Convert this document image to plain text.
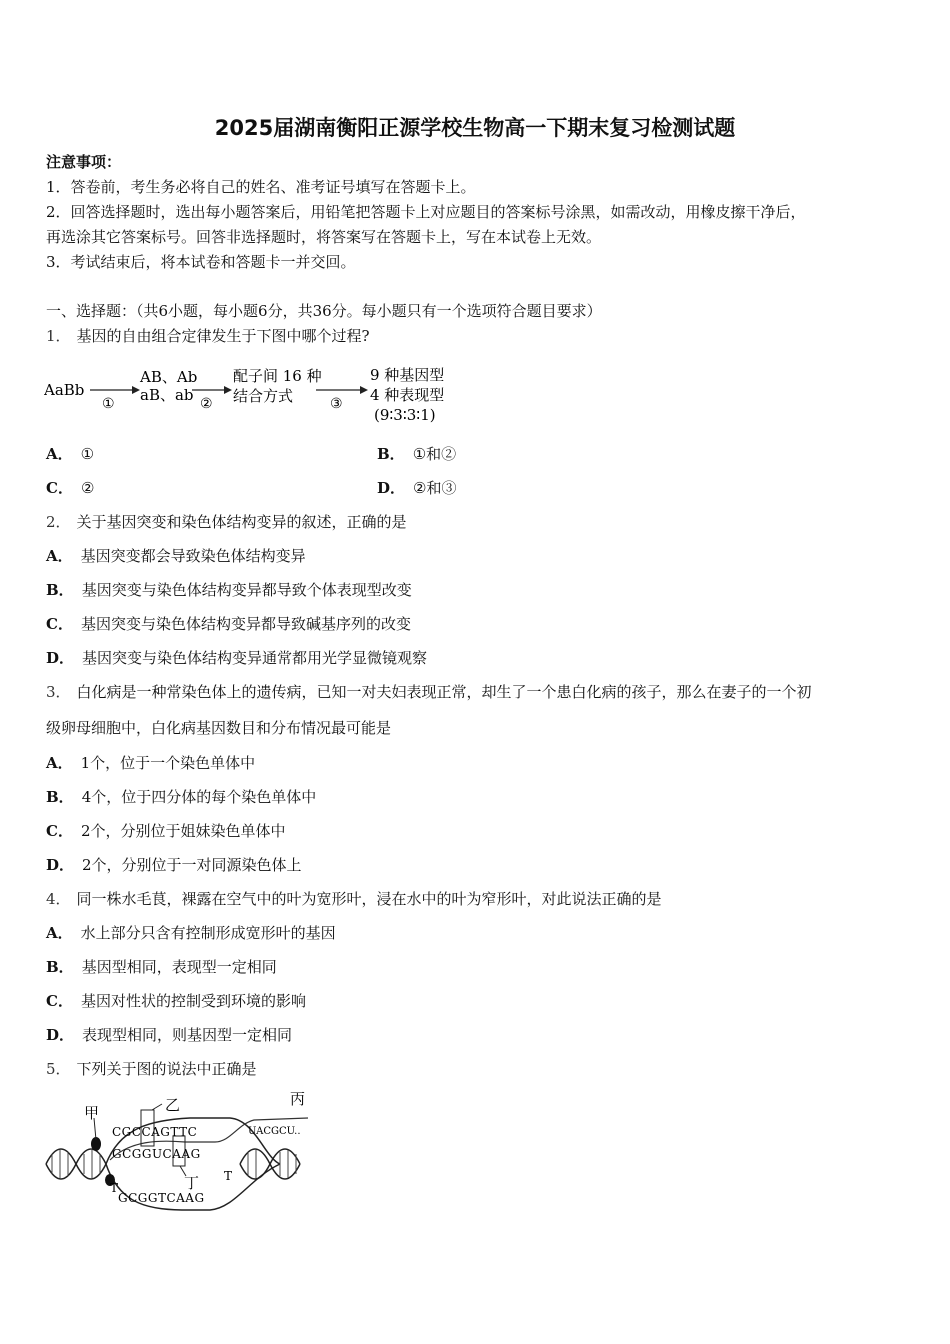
2025届湖南衡阳正源学校生物高一下期末复习检测试题
注意事项：
1．答卷前，考生务必将自己的姓名、准考证号填写在答题卡上。
2．回答选择题时，选出每小题答案后，用铅笔把答题卡上对应题目的答案标号涂黑，如需改动，用橡皮擦干净后，
再选涂其它答案标号。回答非选择题时，将答案写在答题卡上，写在本试卷上无效。
3．考试结束后，将本试卷和答题卡一并交回。
一、选择题：（共6小题，每小题6分，共36分。每小题只有一个选项符合题目要求）
1． 基因的自由组合定律发生于下图中哪个过程?
AaBb
①
AB、Ab
aB、ab ②
配子间 16 种
结合方式	③
9 种基因型
4 种表现型
(9∶3∶3∶1)
A． ①	B． ①和②
C． ②	D． ②和③
2． 关于基因突变和染色体结构变异的叙述，正确的是
A． 基因突变都会导致染色体结构变异
B． 基因突变与染色体结构变异都导致个体表现型改变
C． 基因突变与染色体结构变异都导致碱基序列的改变
D． 基因突变与染色体结构变异通常都用光学显微镜观察
3． 白化病是一种常染色体上的遗传病，已知一对夫妇表现正常，却生了一个患白化病的孩子，那么在妻子的一个初
级卵母细胞中，白化病基因数目和分布情况最可能是
A． 1个，位于一个染色单体中
B． 4个，位于四分体的每个染色单体中
C． 2个，分别位于姐妹染色单体中
D． 2个，分别位于一对同源染色体上
4． 同一株水毛茛，裸露在空气中的叶为宽形叶，浸在水中的叶为窄形叶，对此说法正确的是
A． 水上部分只含有控制形成宽形叶的基因
B． 基因型相同，表现型一定相同
C． 基因对性状的控制受到环境的影响
D． 表现型相同，则基因型一定相同
5． 下列关于图的说法中正确是
甲	乙	丙
丁
CGCCAGTTC
GCGGUCAAG
UACGCU..
GCGGTCAAG
T
T
